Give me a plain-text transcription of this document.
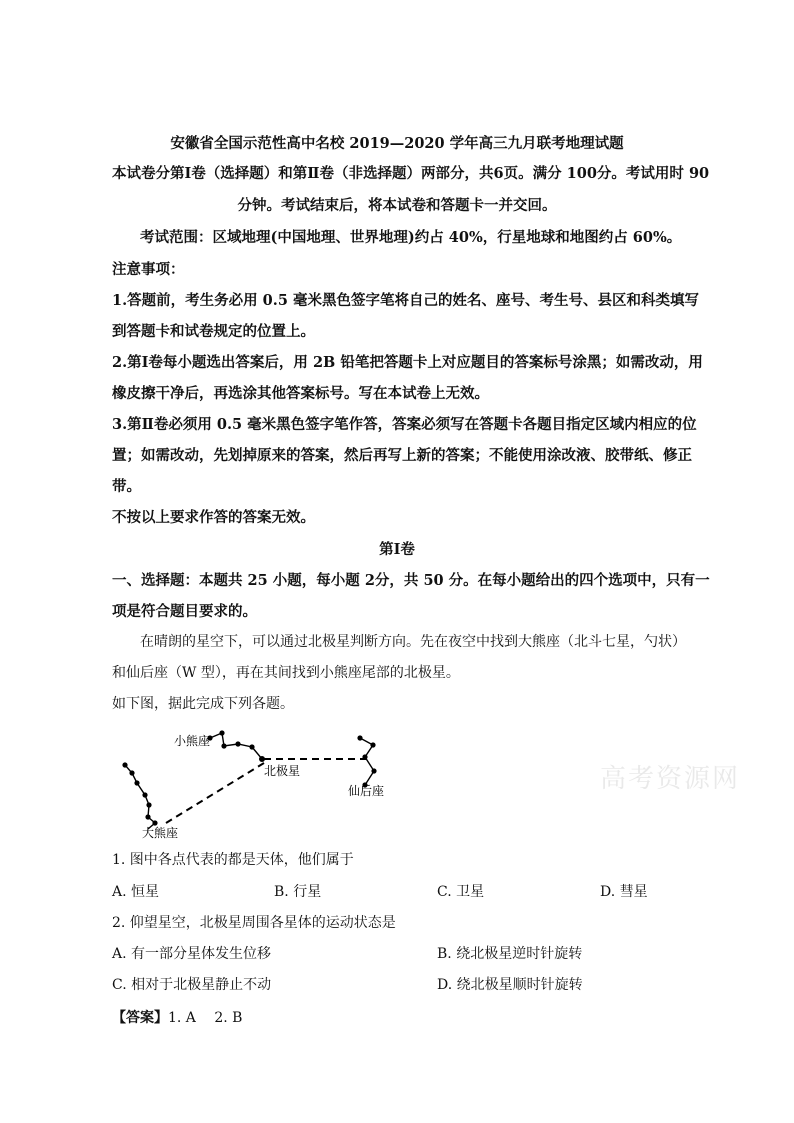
安徽省全国示范性高中名校 2019—2020 学年高三九月联考地理试题
本试卷分第Ⅰ卷（选择题）和第Ⅱ卷（非选择题）两部分，共6页。满分 100分。考试用时 90
分钟。考试结束后，将本试卷和答题卡一并交回。
考试范围：区域地理(中国地理、世界地理)约占 40%，行星地球和地图约占 60%。
注意事项：
1.答题前，考生务必用 0.5 毫米黑色签字笔将自己的姓名、座号、考生号、县区和科类填写
到答题卡和试卷规定的位置上。
2.第Ⅰ卷每小题选出答案后，用 2B 铅笔把答题卡上对应题目的答案标号涂黑；如需改动，用
橡皮擦干净后，再选涂其他答案标号。写在本试卷上无效。
3.第Ⅱ卷必须用 0.5 毫米黑色签字笔作答，答案必须写在答题卡各题目指定区域内相应的位
置；如需改动，先划掉原来的答案，然后再写上新的答案；不能使用涂改液、胶带纸、修正
带。
不按以上要求作答的答案无效。
第Ⅰ卷
一、选择题：本题共 25 小题，每小题 2分，共 50 分。在每小题给出的四个选项中，只有一
项是符合题目要求的。
在晴朗的星空下，可以通过北极星判断方向。先在夜空中找到大熊座（北斗七星，勺状）
和仙后座（W 型），再在其间找到小熊座尾部的北极星。
如下图，据此完成下列各题。
小熊座
北极星
仙后座
大熊座
高考资源网
1. 图中各点代表的都是天体，他们属于
A. 恒星	B. 行星	C. 卫星	D. 彗星
2. 仰望星空，北极星周围各星体的运动状态是
A. 有一部分星体发生位移	B. 绕北极星逆时针旋转
C. 相对于北极星静止不动	D. 绕北极星顺时针旋转
【答案】1. A　 2. B
